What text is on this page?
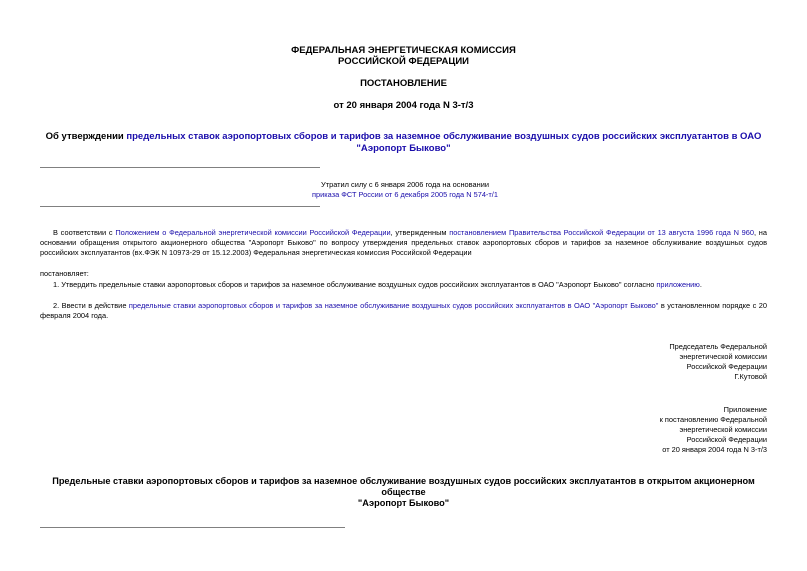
ФЕДЕРАЛЬНАЯ ЭНЕРГЕТИЧЕСКАЯ КОМИССИЯ
РОССИЙСКОЙ ФЕДЕРАЦИИ
ПОСТАНОВЛЕНИЕ
от 20 января 2004 года N 3-т/3
Об утверждении предельных ставок аэропортовых сборов и тарифов за наземное обслуживание воздушных судов российских эксплуатантов в ОАО "Аэропорт Быково"
Утратил силу с 6 января 2006 года на основании
приказа ФСТ России от 6 декабря 2005 года N 574-т/1
В соответствии с Положением о Федеральной энергетической комиссии Российской Федерации, утвержденным постановлением Правительства Российской Федерации от 13 августа 1996 года N 960, на основании обращения открытого акционерного общества "Аэропорт Быково" по вопросу утверждения предельных ставок аэропортовых сборов и тарифов за наземное обслуживание воздушных судов российских эксплуатантов (вх.ФЭК N 10973-29 от 15.12.2003) Федеральная энергетическая комиссия Российской Федерации
постановляет:
1. Утвердить предельные ставки аэропортовых сборов и тарифов за наземное обслуживание воздушных судов российских эксплуатантов в ОАО "Аэропорт Быково" согласно приложению.
2. Ввести в действие предельные ставки аэропортовых сборов и тарифов за наземное обслуживание воздушных судов российских эксплуатантов в ОАО "Аэропорт Быково" в установленном порядке с 20 февраля 2004 года.
Председатель Федеральной
энергетической комиссии
Российской Федерации
Г.Кутовой
Приложение
к постановлению Федеральной
энергетической комиссии
Российской Федерации
от 20 января 2004 года N 3-т/3
Предельные ставки аэропортовых сборов и тарифов за наземное обслуживание воздушных судов российских эксплуатантов в открытом акционерном обществе
"Аэропорт Быково"
